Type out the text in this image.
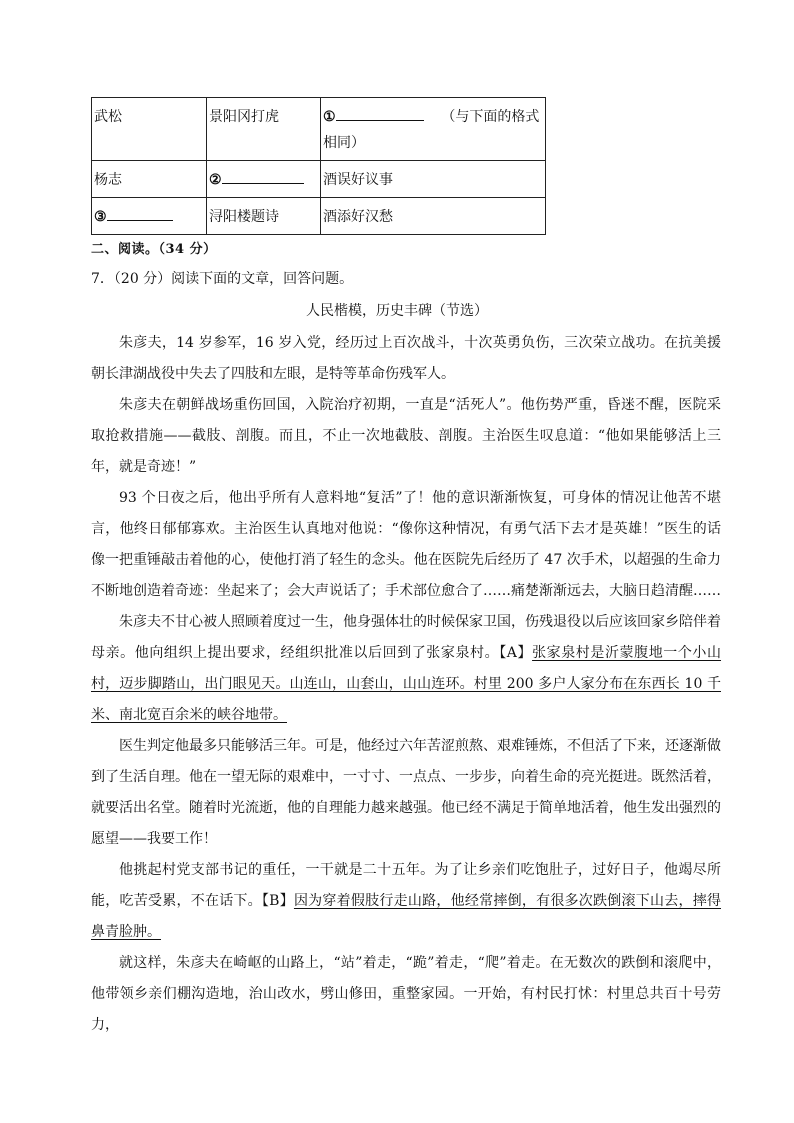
武松	景阳冈打虎	① （与下面的格式相同）
杨志	②	酒误好议事
③	浔阳楼题诗	酒添好汉愁
二、阅读。（34 分）
7．（20 分）阅读下面的文章，回答问题。
人民楷模，历史丰碑（节选）

朱彦夫，14 岁参军，16 岁入党，经历过上百次战斗，十次英勇负伤，三次荣立战功。在抗美援朝长津湖战役中失去了四肢和左眼，是特等革命伤残军人。

朱彦夫在朝鲜战场重伤回国，入院治疗初期，一直是“活死人”。他伤势严重，昏迷不醒，医院采取抢救措施——截肢、剖腹。而且，不止一次地截肢、剖腹。主治医生叹息道：“他如果能够活上三年，就是奇迹！”

93 个日夜之后，他出乎所有人意料地“复活”了！他的意识渐渐恢复，可身体的情况让他苦不堪言，他终日郁郁寡欢。主治医生认真地对他说：“像你这种情况，有勇气活下去才是英雄！”医生的话像一把重锤敲击着他的心，使他打消了轻生的念头。他在医院先后经历了 47 次手术，以超强的生命力不断地创造着奇迹：坐起来了；会大声说话了；手术部位愈合了……痛楚渐渐远去，大脑日趋清醒……

朱彦夫不甘心被人照顾着度过一生，他身强体壮的时候保家卫国，伤残退役以后应该回家乡陪伴着母亲。他向组织上提出要求，经组织批准以后回到了张家泉村。【A】张家泉村是沂蒙腹地一个小山村，迈步脚踏山，出门眼见天。山连山，山套山，山山连环。村里 200 多户人家分布在东西长 10 千米、南北宽百余米的峡谷地带。

医生判定他最多只能够活三年。可是，他经过六年苦涩煎熬、艰难锤炼，不但活了下来，还逐渐做到了生活自理。他在一望无际的艰难中，一寸寸、一点点、一步步，向着生命的亮光挺进。既然活着，就要活出名堂。随着时光流逝，他的自理能力越来越强。他已经不满足于简单地活着，他生发出强烈的愿望——我要工作！

他挑起村党支部书记的重任，一干就是二十五年。为了让乡亲们吃饱肚子，过好日子，他竭尽所能，吃苦受累，不在话下。【B】因为穿着假肢行走山路，他经常摔倒，有很多次跌倒滚下山去，摔得鼻青脸肿。

就这样，朱彦夫在崎岖的山路上，“站”着走，“跪”着走，“爬”着走。在无数次的跌倒和滚爬中，他带领乡亲们棚沟造地，治山改水，劈山修田，重整家园。一开始，有村民打怵：村里总共百十号劳力，
